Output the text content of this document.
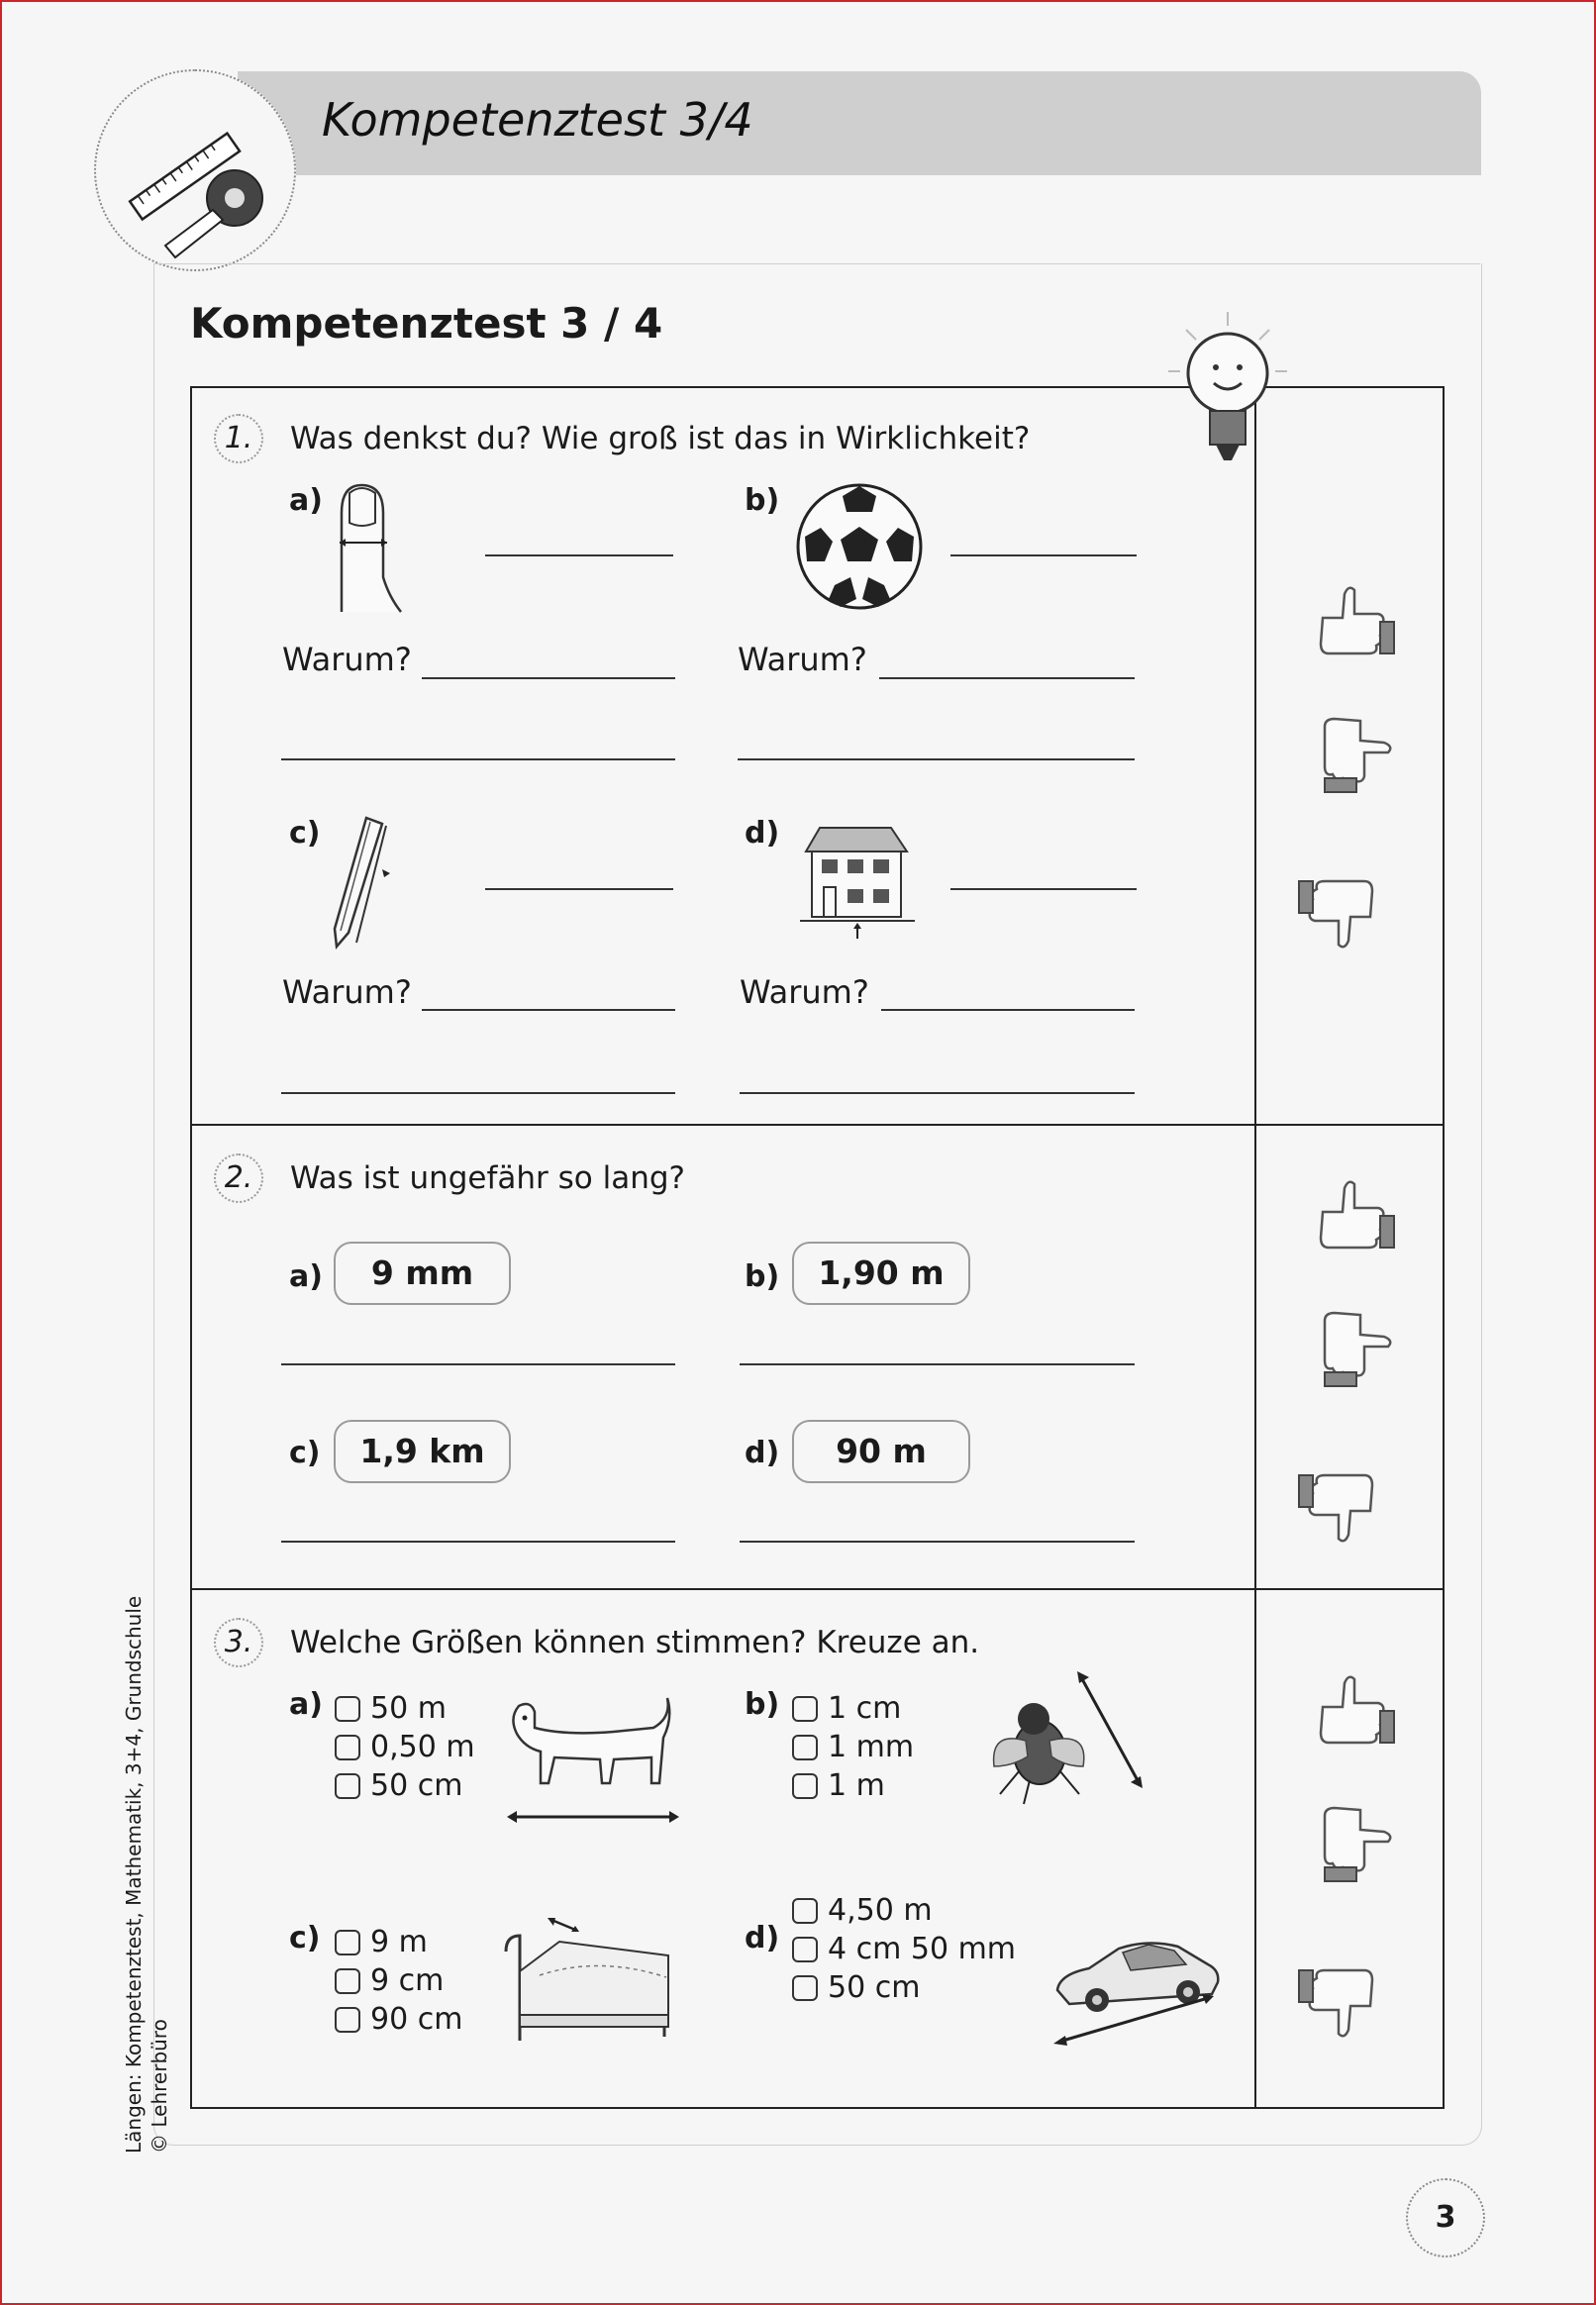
Kompetenztest 3/4
Kompetenztest 3 / 4
1.	Was denkst du? Wie groß ist das in Wirklichkeit?
a)
Warum?
b)
Warum?
c)
Warum?
d)
Warum?
2.	Was ist ungefähr so lang?
a)	9 mm	b)	1,90 m
c)	1,9 km	d)	90 m
3.	Welche Größen können stimmen? Kreuze an.
a) 50 m
0,50 m
50 cm
b) 1 cm
1 mm
1 m
c) 9 m
9 cm
90 cm
d)
4,50 m
4 cm 50 mm
50 cm
Längen: Kompetenztest, Mathematik, 3+4, Grundschule © Lehrerbüro
3
